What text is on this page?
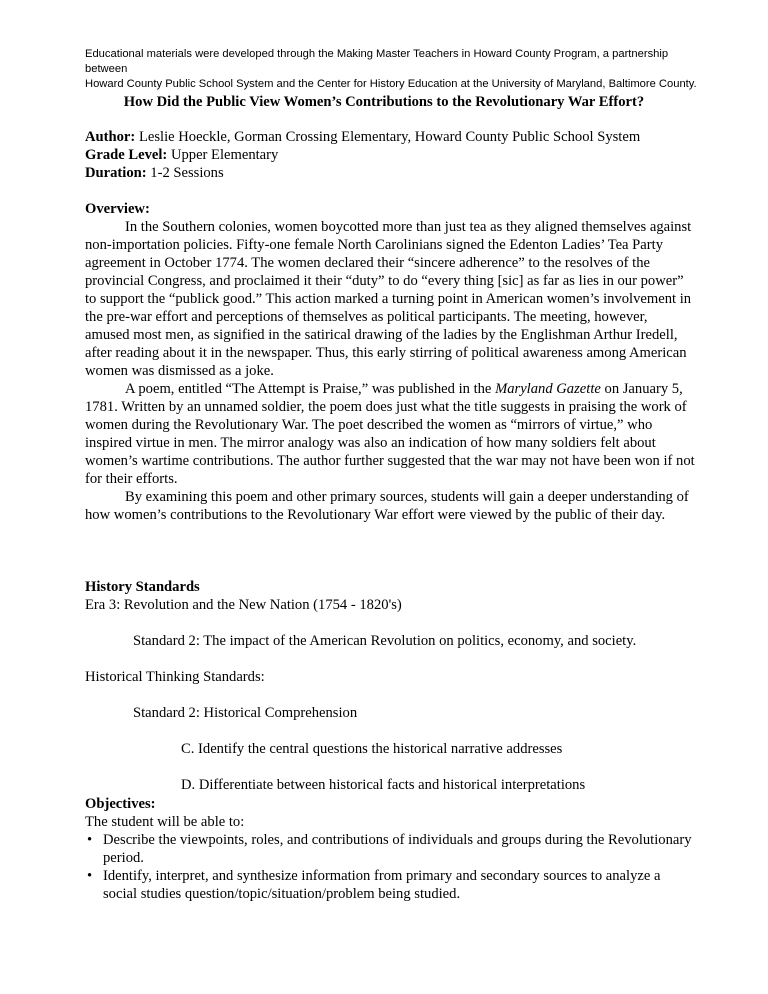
Educational materials were developed through the Making Master Teachers in Howard County Program, a partnership between
Howard County Public School System and the Center for History Education at the University of Maryland, Baltimore County.
How Did the Public View Women’s Contributions to the Revolutionary War Effort?
Author: Leslie Hoeckle, Gorman Crossing Elementary, Howard County Public School System
Grade Level: Upper Elementary
Duration: 1-2 Sessions
Overview:

In the Southern colonies, women boycotted more than just tea as they aligned themselves against non-importation policies. Fifty-one female North Carolinians signed the Edenton Ladies’ Tea Party agreement in October 1774. The women declared their “sincere adherence” to the resolves of the provincial Congress, and proclaimed it their “duty” to do “every thing [sic] as far as lies in our power” to support the “publick good.” This action marked a turning point in American women’s involvement in the pre-war effort and perceptions of themselves as political participants. The meeting, however, amused most men, as signified in the satirical drawing of the ladies by the Englishman Arthur Iredell, after reading about it in the newspaper. Thus, this early stirring of political awareness among American women was dismissed as a joke.

A poem, entitled “The Attempt is Praise,” was published in the Maryland Gazette on January 5, 1781. Written by an unnamed soldier, the poem does just what the title suggests in praising the work of women during the Revolutionary War. The poet described the women as “mirrors of virtue,” who inspired virtue in men. The mirror analogy was also an indication of how many soldiers felt about women’s wartime contributions. The author further suggested that the war may not have been won if not for their efforts.

By examining this poem and other primary sources, students will gain a deeper understanding of how women’s contributions to the Revolutionary War effort were viewed by the public of their day.

History Standards
Era 3: Revolution and the New Nation (1754 - 1820's)
Standard 2: The impact of the American Revolution on politics, economy, and society.
Historical Thinking Standards:
Standard 2: Historical Comprehension
C. Identify the central questions the historical narrative addresses
D. Differentiate between historical facts and historical interpretations
Objectives:
The student will be able to:
• Describe the viewpoints, roles, and contributions of individuals and groups during the Revolutionary period.
• Identify, interpret, and synthesize information from primary and secondary sources to analyze a social studies question/topic/situation/problem being studied.
